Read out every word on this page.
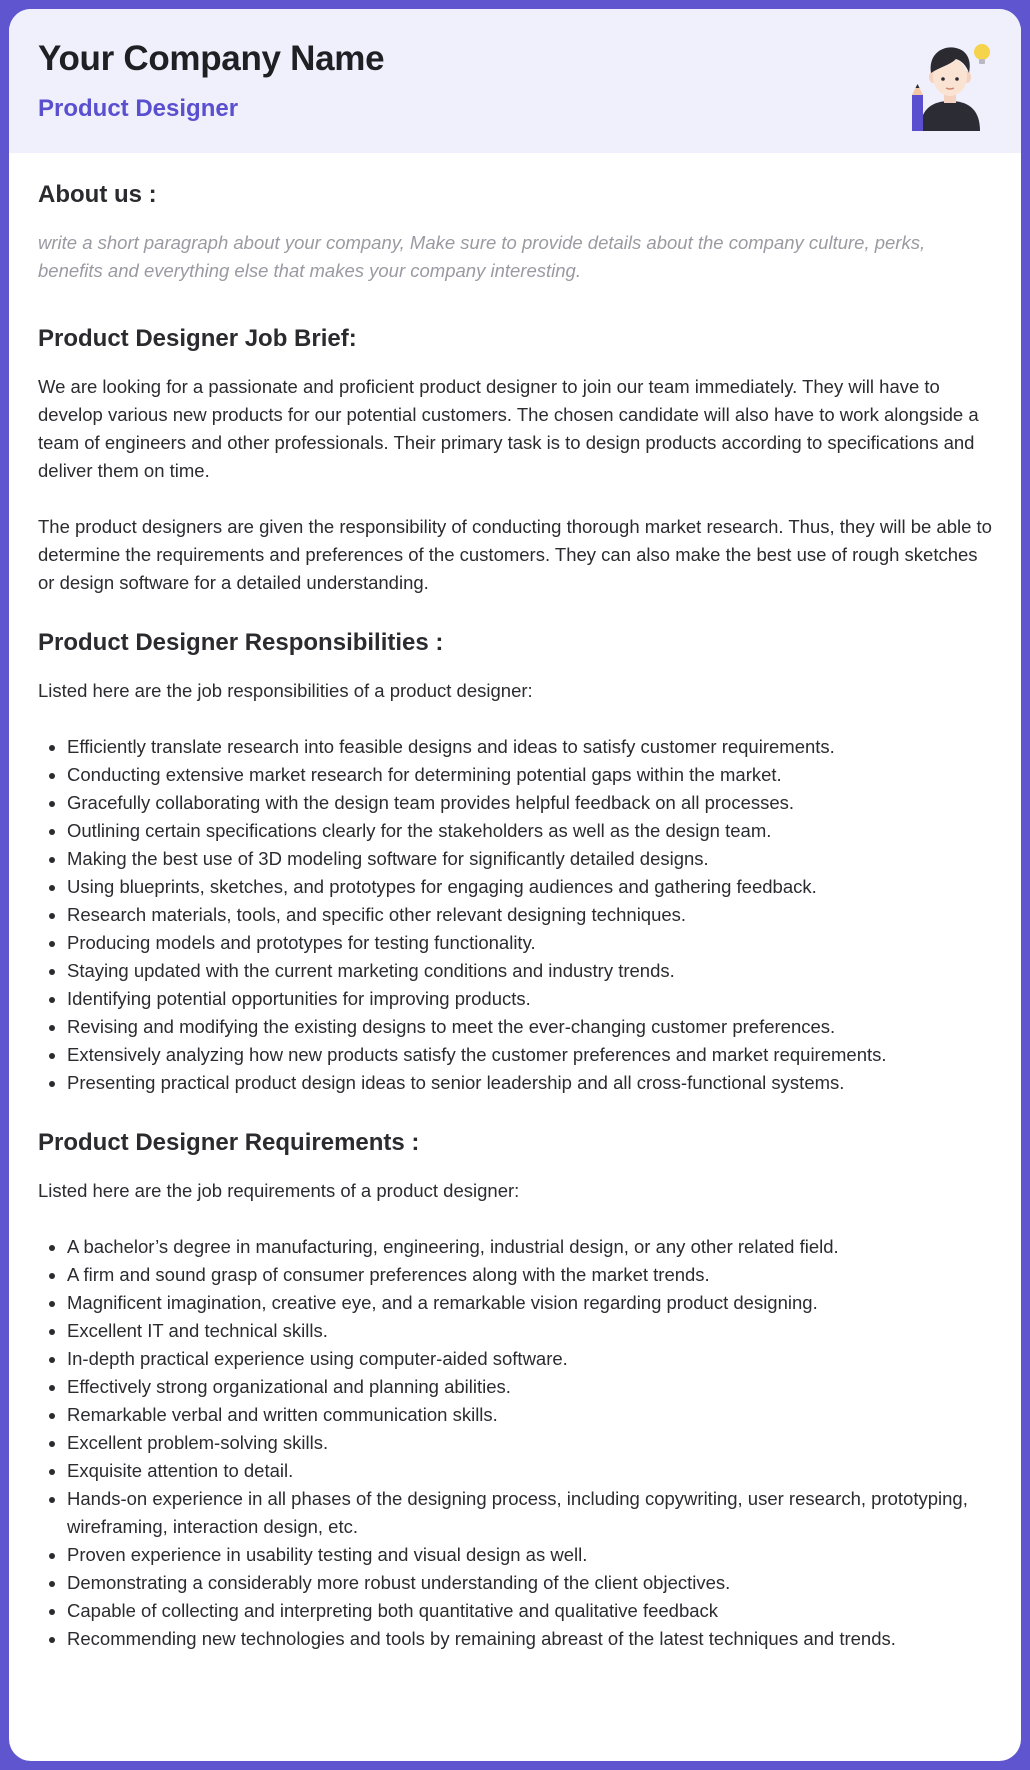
Your Company Name
Product Designer
About us :

write a short paragraph about your company, Make sure to provide details about the company culture, perks, benefits and everything else that makes your company interesting.

Product Designer Job Brief:

We are looking for a passionate and proficient product designer to join our team immediately. They will have to develop various new products for our potential customers. The chosen candidate will also have to work alongside a team of engineers and other professionals. Their primary task is to design products according to specifications and deliver them on time.

The product designers are given the responsibility of conducting thorough market research. Thus, they will be able to determine the requirements and preferences of the customers. They can also make the best use of rough sketches or design software for a detailed understanding.

Product Designer Responsibilities :

Listed here are the job responsibilities of a product designer:

• Efficiently translate research into feasible designs and ideas to satisfy customer requirements.
• Conducting extensive market research for determining potential gaps within the market.
• Gracefully collaborating with the design team provides helpful feedback on all processes.
• Outlining certain specifications clearly for the stakeholders as well as the design team.
• Making the best use of 3D modeling software for significantly detailed designs.
• Using blueprints, sketches, and prototypes for engaging audiences and gathering feedback.
• Research materials, tools, and specific other relevant designing techniques.
• Producing models and prototypes for testing functionality.
• Staying updated with the current marketing conditions and industry trends.
• Identifying potential opportunities for improving products.
• Revising and modifying the existing designs to meet the ever-changing customer preferences.
• Extensively analyzing how new products satisfy the customer preferences and market requirements.
• Presenting practical product design ideas to senior leadership and all cross-functional systems.
Product Designer Requirements :

Listed here are the job requirements of a product designer:

• A bachelor’s degree in manufacturing, engineering, industrial design, or any other related field.
• A firm and sound grasp of consumer preferences along with the market trends.
• Magnificent imagination, creative eye, and a remarkable vision regarding product designing.
• Excellent IT and technical skills.
• In-depth practical experience using computer-aided software.
• Effectively strong organizational and planning abilities.
• Remarkable verbal and written communication skills.
• Excellent problem-solving skills.
• Exquisite attention to detail.
• Hands-on experience in all phases of the designing process, including copywriting, user research, prototyping, wireframing, interaction design, etc.
• Proven experience in usability testing and visual design as well.
• Demonstrating a considerably more robust understanding of the client objectives.
• Capable of collecting and interpreting both quantitative and qualitative feedback
• Recommending new technologies and tools by remaining abreast of the latest techniques and trends.
